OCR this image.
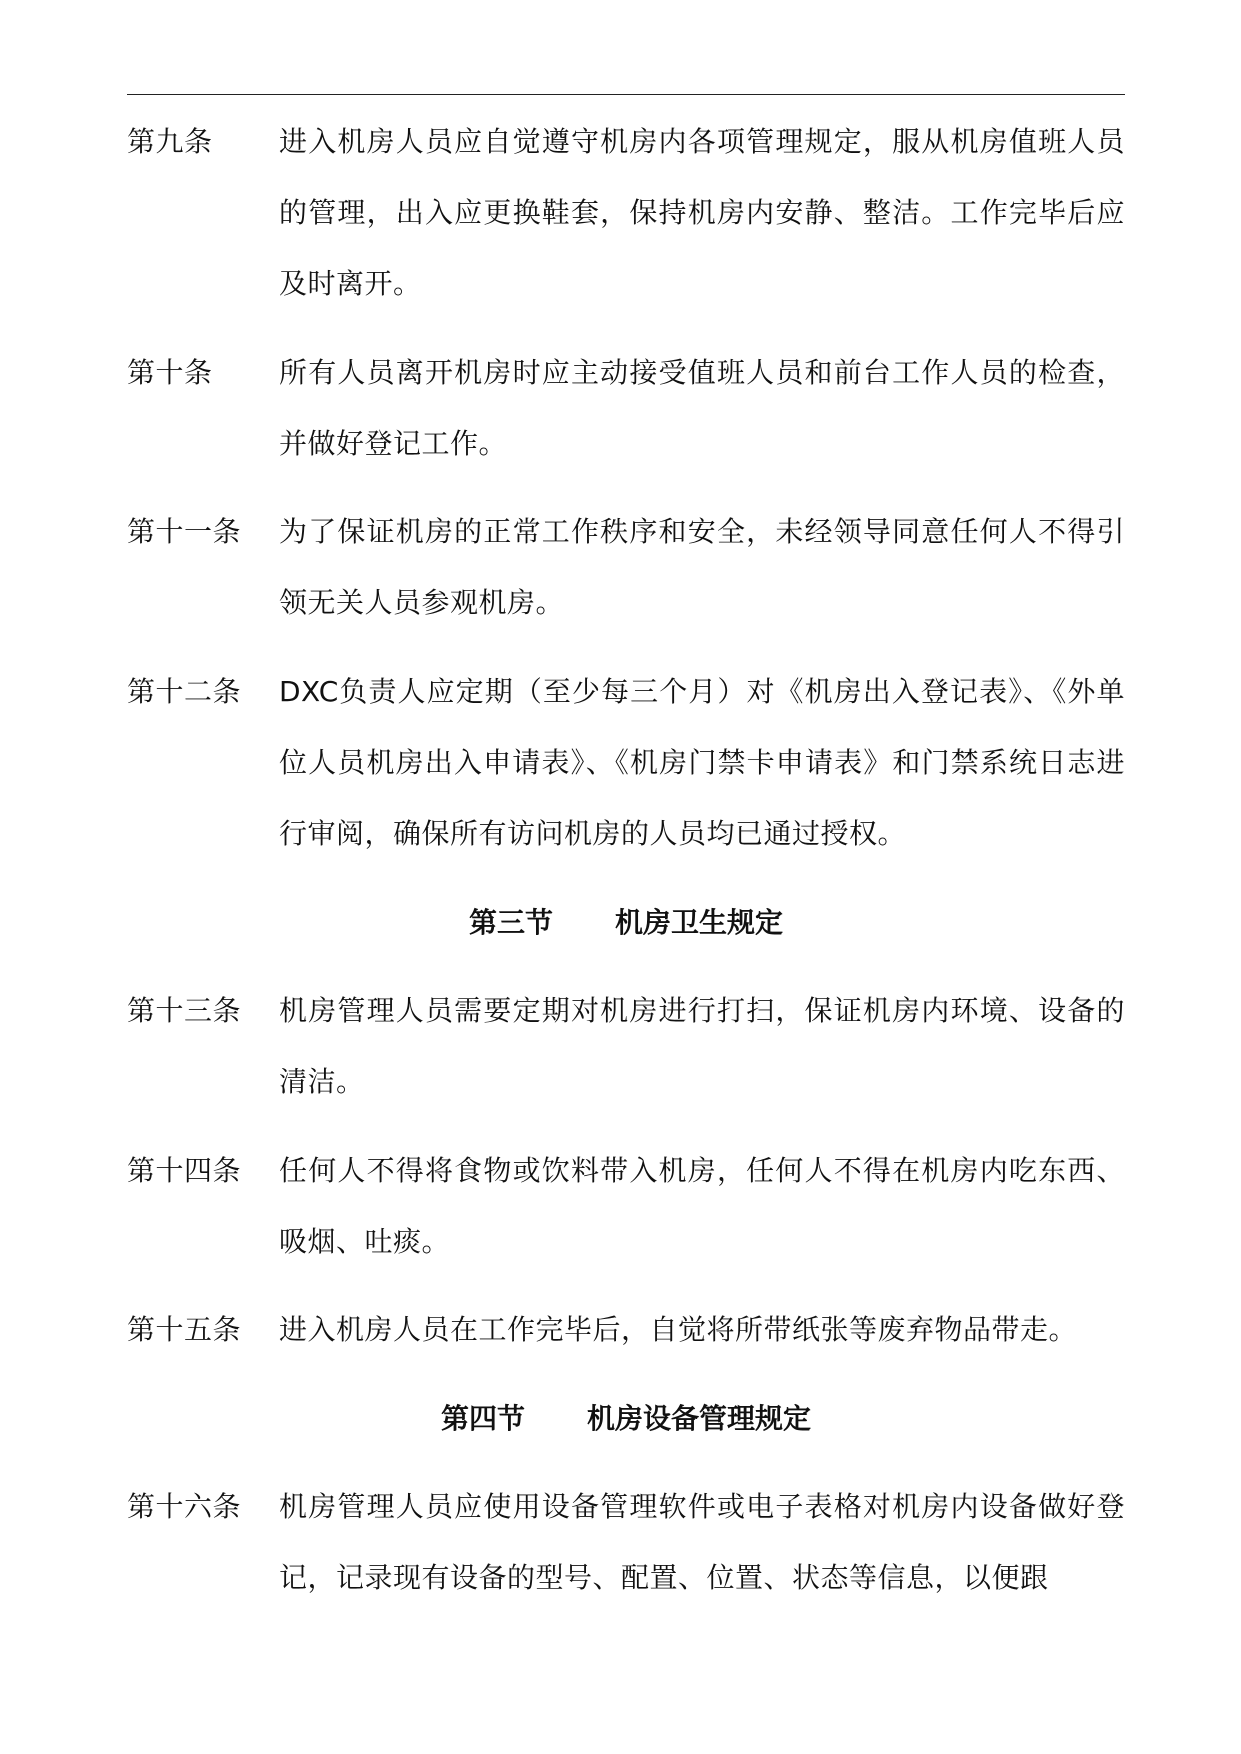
第九条	进入机房人员应自觉遵守机房内各项管理规定，服从机房值班人员的管理，出入应更换鞋套，保持机房内安静、整洁。工作完毕后应及时离开。
第十条	所有人员离开机房时应主动接受值班人员和前台工作人员的检查，并做好登记工作。
第十一条	为了保证机房的正常工作秩序和安全，未经领导同意任何人不得引领无关人员参观机房。
第十二条	DXC负责人应定期（至少每三个月）对《机房出入登记表》、《外单位人员机房出入申请表》、《机房门禁卡申请表》和门禁系统日志进行审阅，确保所有访问机房的人员均已通过授权。
第三节 机房卫生规定
第十三条	机房管理人员需要定期对机房进行打扫，保证机房内环境、设备的清洁。
第十四条	任何人不得将食物或饮料带入机房，任何人不得在机房内吃东西、吸烟、吐痰。
第十五条	进入机房人员在工作完毕后，自觉将所带纸张等废弃物品带走。
第四节 机房设备管理规定
第十六条	机房管理人员应使用设备管理软件或电子表格对机房内设备做好登记，记录现有设备的型号、配置、位置、状态等信息，以便跟
